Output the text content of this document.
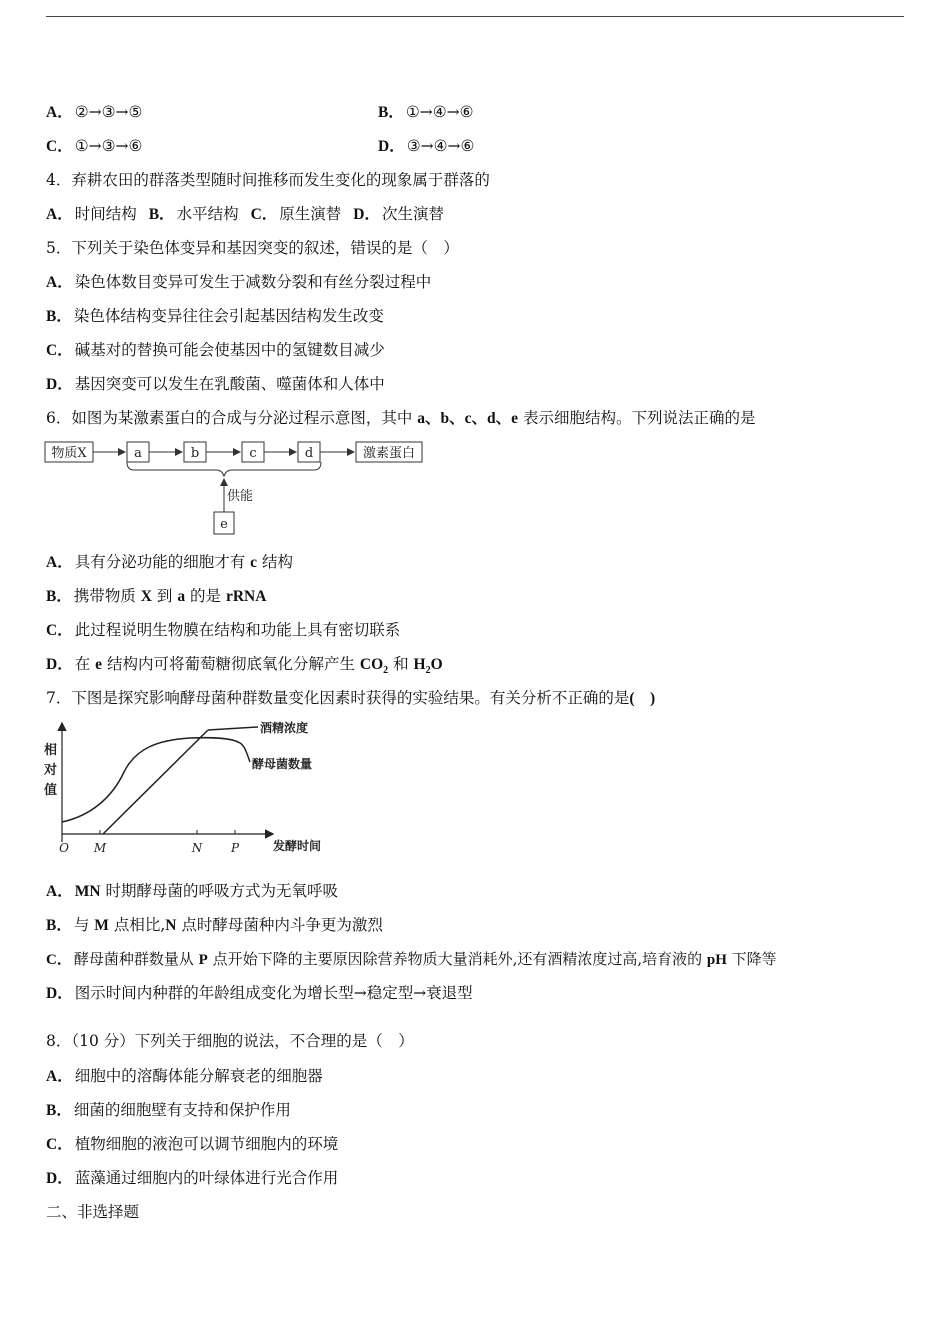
A． ②→③→⑤	B． ①→④→⑥
C． ①→③→⑥	D． ③→④→⑥
4．弃耕农田的群落类型随时间推移而发生变化的现象属于群落的
A． 时间结构 B． 水平结构 C． 原生演替 D． 次生演替
5．下列关于染色体变异和基因突变的叙述，错误的是（　）
A． 染色体数目变异可发生于减数分裂和有丝分裂过程中
B． 染色体结构变异往往会引起基因结构发生改变
C． 碱基对的替换可能会使基因中的氢键数目减少
D． 基因突变可以发生在乳酸菌、噬菌体和人体中
6．如图为某激素蛋白的合成与分泌过程示意图，其中 a、b、c、d、e 表示细胞结构。下列说法正确的是
物质X	a	b	c	d	激素蛋白
供能
e
A． 具有分泌功能的细胞才有 c 结构
B． 携带物质 X 到 a 的是 rRNA
C． 此过程说明生物膜在结构和功能上具有密切联系
D． 在 e 结构内可将葡萄糖彻底氧化分解产生 $CO_2$ 和 $H_2O$
7．下图是探究影响酵母菌种群数量变化因素时获得的实验结果。有关分析不正确的是(　)
相
对
值
O M	N P	发酵时间
酒精浓度
酵母菌数量
A． MN 时期酵母菌的呼吸方式为无氧呼吸
B． 与 M 点相比,N 点时酵母菌种内斗争更为激烈
C． 酵母菌种群数量从 P 点开始下降的主要原因除营养物质大量消耗外,还有酒精浓度过高,培育液的 pH 下降等
D． 图示时间内种群的年龄组成变化为增长型→稳定型→衰退型
8．（10 分）下列关于细胞的说法，不合理的是（　）
A． 细胞中的溶酶体能分解衰老的细胞器
B． 细菌的细胞壁有支持和保护作用
C． 植物细胞的液泡可以调节细胞内的环境
D． 蓝藻通过细胞内的叶绿体进行光合作用
二、非选择题
